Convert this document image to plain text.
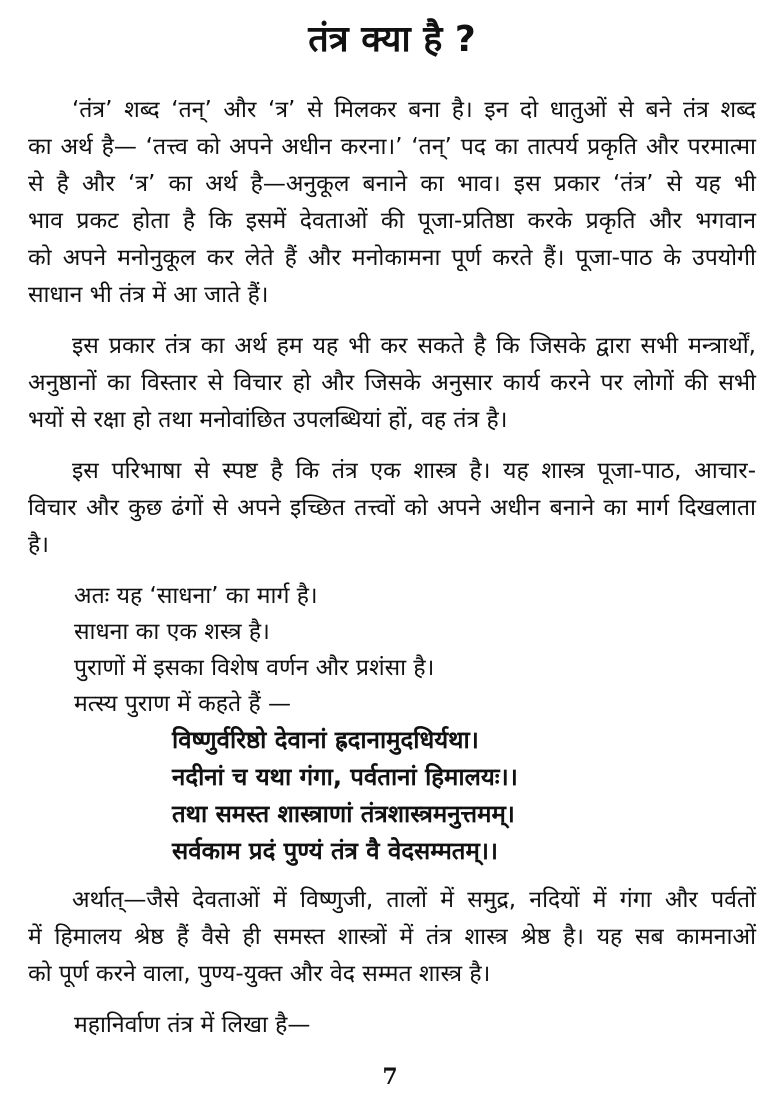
तंत्र क्या है ?
‘तंत्र’ शब्द ‘तन्’ और ‘त्र’ से मिलकर बना है। इन दो धातुओं से बने तंत्र शब्द
का अर्थ है— ‘तत्त्व को अपने अधीन करना।’ ‘तन्’ पद का तात्पर्य प्रकृति और परमात्मा
से है और ‘त्र’ का अर्थ है—अनुकूल बनाने का भाव। इस प्रकार ‘तंत्र’ से यह भी
भाव प्रकट होता है कि इसमें देवताओं की पूजा-प्रतिष्ठा करके प्रकृति और भगवान
को अपने मनोनुकूल कर लेते हैं और मनोकामना पूर्ण करते हैं। पूजा-पाठ के उपयोगी
साधान भी तंत्र में आ जाते हैं।
इस प्रकार तंत्र का अर्थ हम यह भी कर सकते है कि जिसके द्वारा सभी मन्त्रार्थों,
अनुष्ठानों का विस्तार से विचार हो और जिसके अनुसार कार्य करने पर लोगों की सभी
भयों से रक्षा हो तथा मनोवांछित उपलब्धियां हों, वह तंत्र है।
इस परिभाषा से स्पष्ट है कि तंत्र एक शास्त्र है। यह शास्त्र पूजा-पाठ, आचार-
विचार और कुछ ढंगों से अपने इच्छित तत्त्वों को अपने अधीन बनाने का मार्ग दिखलाता
है।
अतः यह ‘साधना’ का मार्ग है।
साधना का एक शस्त्र है।
पुराणों में इसका विशेष वर्णन और प्रशंसा है।
मत्स्य पुराण में कहते हैं —
विष्णुर्वरिष्ठो देवानां ह्रदानामुदधिर्यथा।
नदीनां च यथा गंगा, पर्वतानां हिमालयः।।
तथा समस्त शास्त्राणां तंत्रशास्त्रमनुत्तमम्।
सर्वकाम प्रदं पुण्यं तंत्र वै वेदसम्मतम्।।
अर्थात्—जैसे देवताओं में विष्णुजी, तालों में समुद्र, नदियों में गंगा और पर्वतों
में हिमालय श्रेष्ठ हैं वैसे ही समस्त शास्त्रों में तंत्र शास्त्र श्रेष्ठ है। यह सब कामनाओं
को पूर्ण करने वाला, पुण्य-युक्त और वेद सम्मत शास्त्र है।
महानिर्वाण तंत्र में लिखा है—
7
